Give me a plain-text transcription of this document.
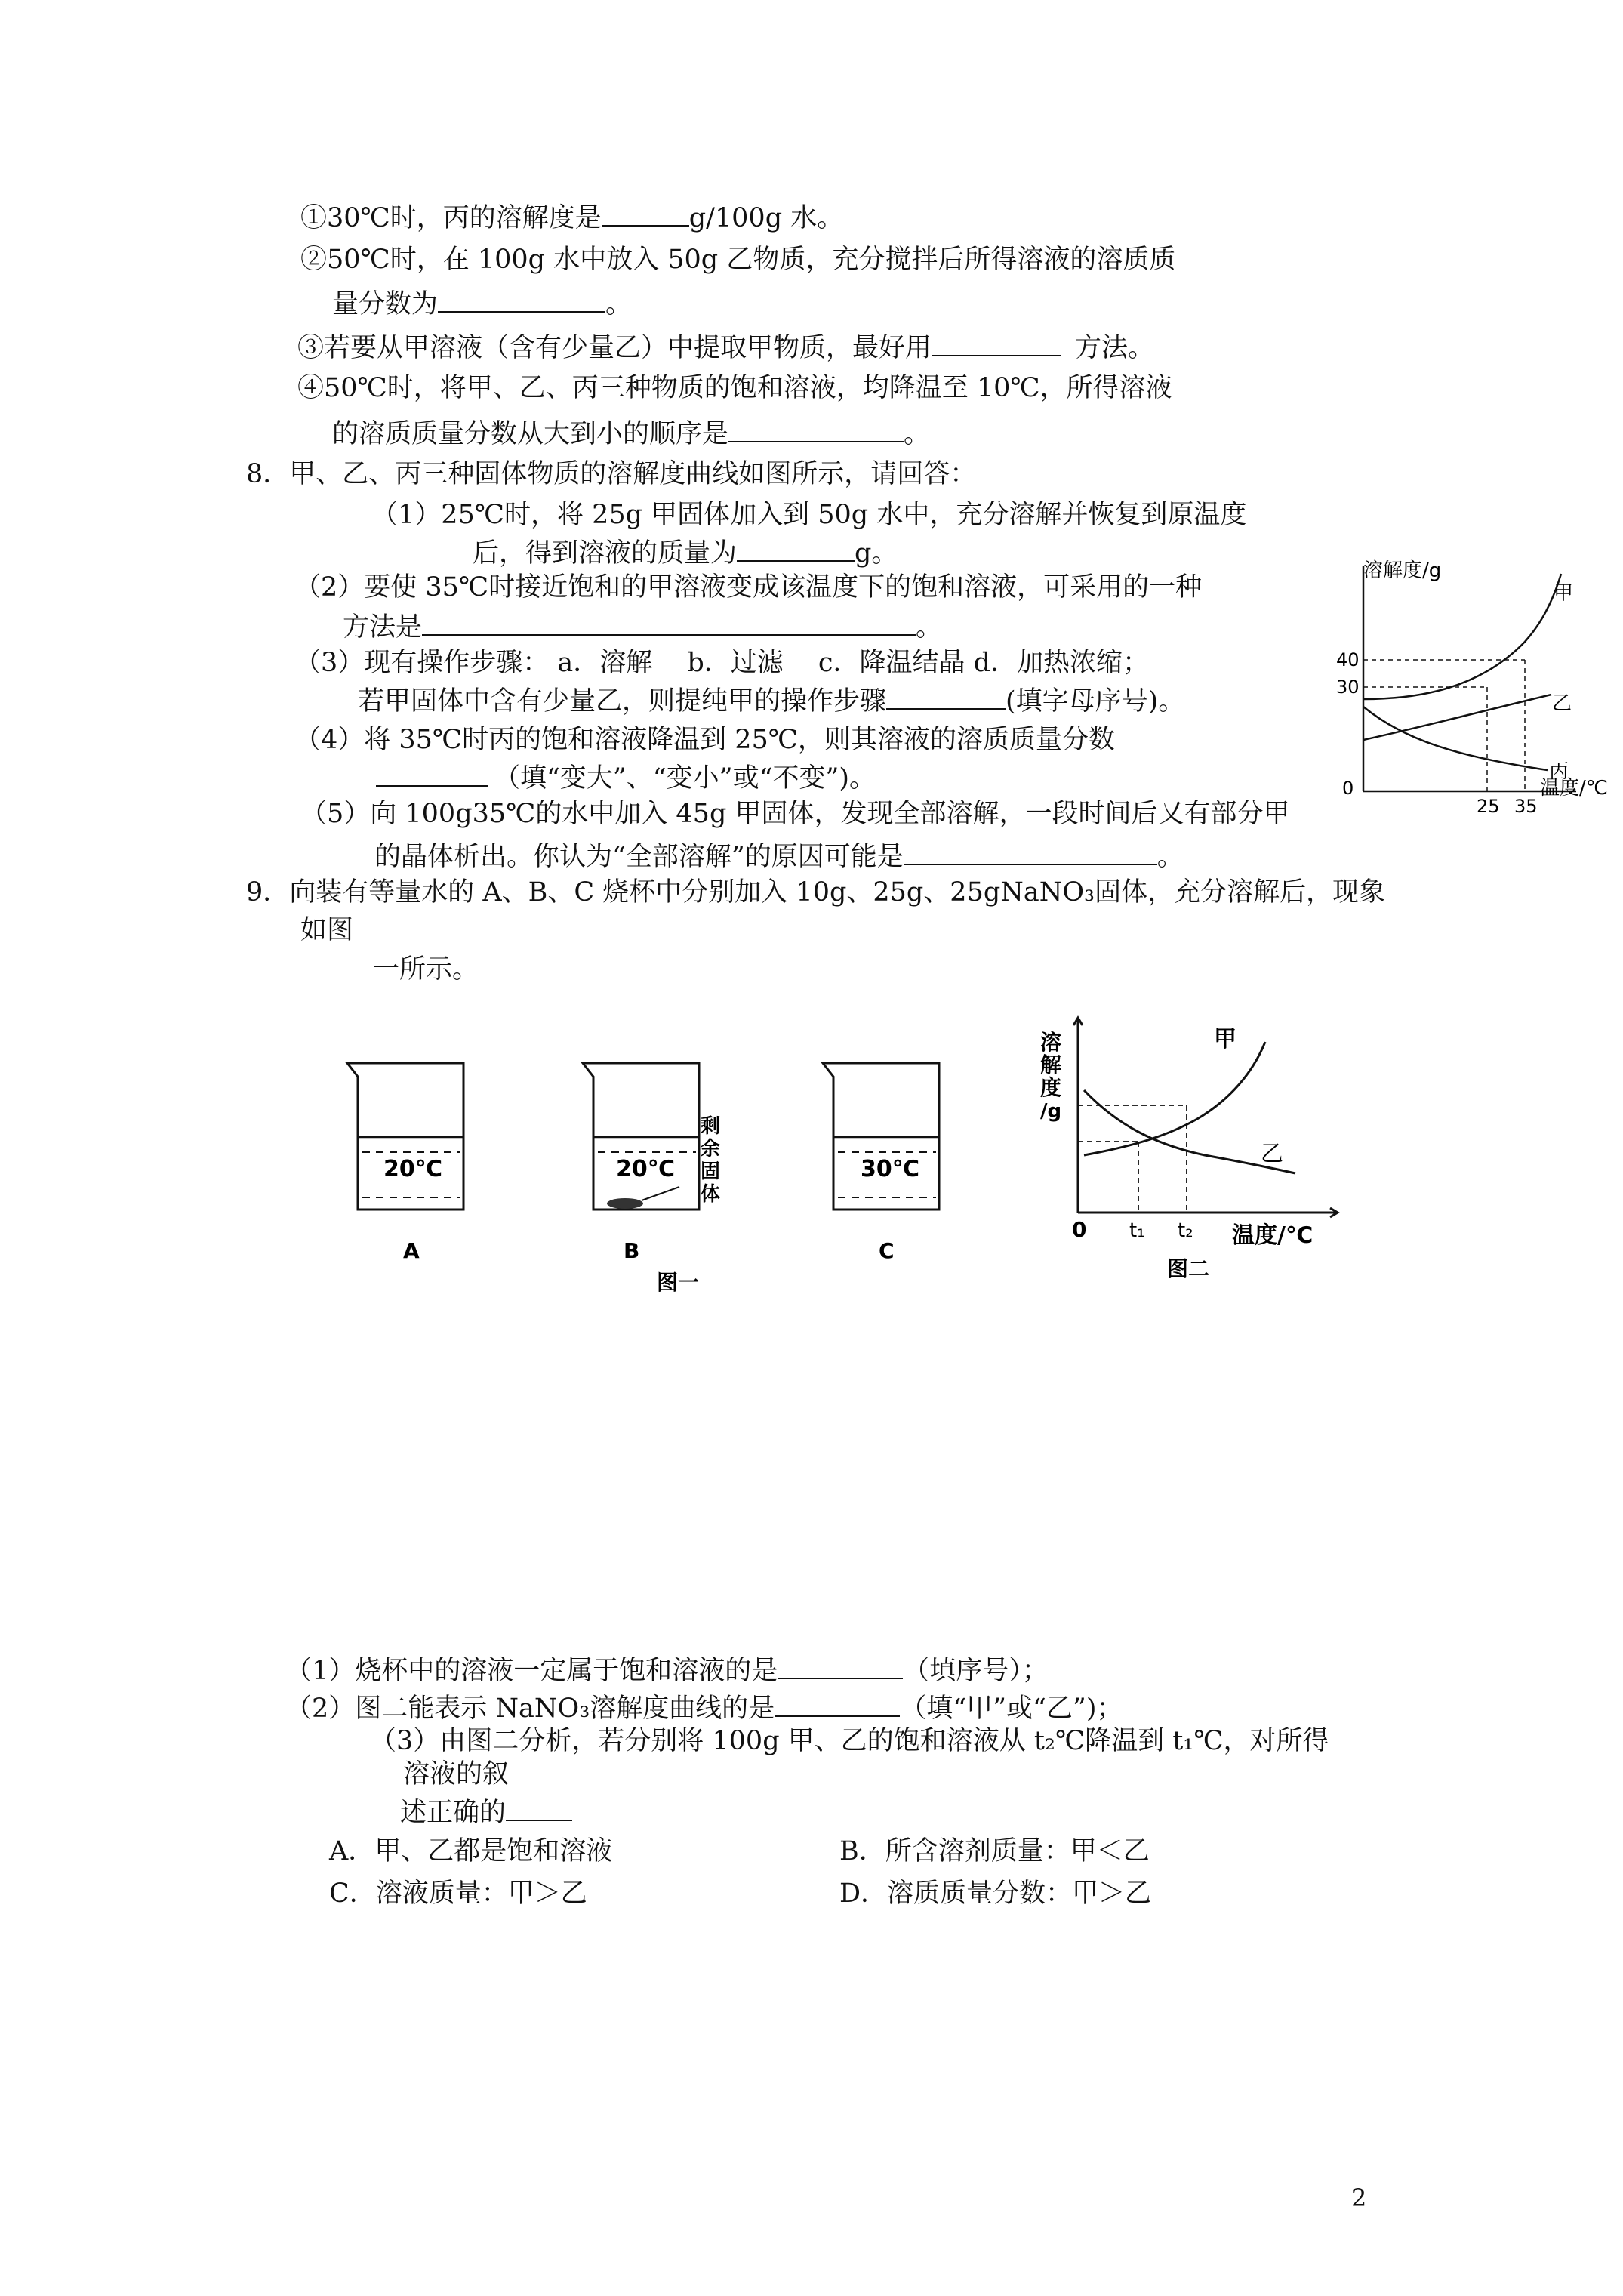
①30℃时，丙的溶解度是	g/100g 水。
②50℃时，在 100g 水中放入 50g 乙物质，充分搅拌后所得溶液的溶质质
量分数为	。
③若要从甲溶液（含有少量乙）中提取甲物质，最好用	方法。
④50℃时，将甲、乙、丙三种物质的饱和溶液，均降温至 10℃，所得溶液
的溶质质量分数从大到小的顺序是	。
8．甲、乙、丙三种固体物质的溶解度曲线如图所示，请回答：
（1）25℃时，将 25g 甲固体加入到 50g 水中，充分溶解并恢复到原温度
后，得到溶液的质量为	g。
（2）要使 35℃时接近饱和的甲溶液变成该温度下的饱和溶液，可采用的一种
方法是	。
（3）现有操作步骤： a．溶解　 b．过滤　 c．降温结晶 d．加热浓缩；
若甲固体中含有少量乙，则提纯甲的操作步骤	(填字母序号)。
（4）将 35℃时丙的饱和溶液降温到 25℃，则其溶液的溶质质量分数
（填“变大”、“变小”或“不变”)。
（5）向 100g35℃的水中加入 45g 甲固体，发现全部溶解，一段时间后又有部分甲
的晶体析出。你认为“全部溶解”的原因可能是	。
溶解度/g
温度/℃
0
40
30
25 35
甲
乙
丙
9．向装有等量水的 A、B、C 烧杯中分别加入 10g、25g、25gNaNO₃固体，充分溶解后，现象
如图
一所示。
20℃	20℃
A	B
剩
余
固
体
图一
30℃
C
溶
解
度
/g
0 t₁ t₂ 温度/℃
甲
乙
图二
（1）烧杯中的溶液一定属于饱和溶液的是	（填序号）；
（2）图二能表示 NaNO₃溶解度曲线的是	（填“甲”或“乙”)；
（3）由图二分析，若分别将 100g 甲、乙的饱和溶液从 t₂℃降温到 t₁℃，对所得
溶液的叙
述正确的
A．甲、乙都是饱和溶液	B．所含溶剂质量：甲＜乙
C．溶液质量：甲＞乙	D．溶质质量分数：甲＞乙
2
